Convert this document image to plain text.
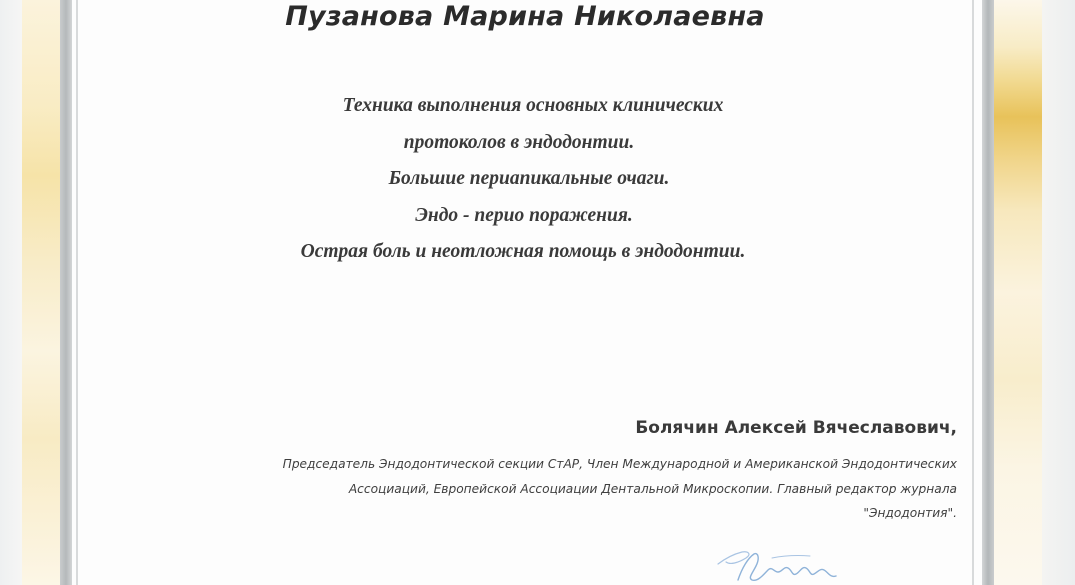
Пузанова Марина Николаевна
Техника выполнения основных клинических
протоколов в эндодонтии.
Большие периапикальные очаги.
Эндо - перио поражения.
Острая боль и неотложная помощь в эндодонтии.
Болячин Алексей Вячеславович,
Председатель Эндодонтической секции СтАР, Член Международной и Американской Эндодонтических
Ассоциаций, Европейской Ассоциации Дентальной Микроскопии. Главный редактор журнала
"Эндодонтия".
